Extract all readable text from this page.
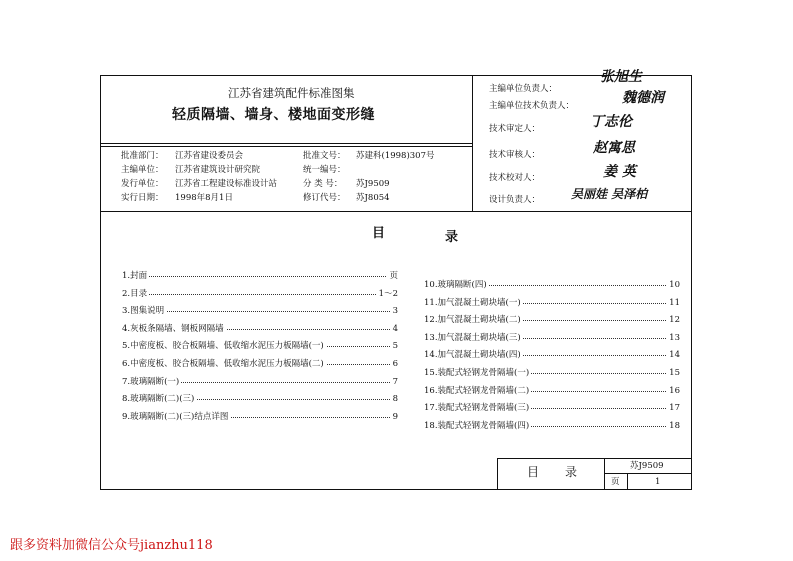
江苏省建筑配件标准图集
轻质隔墙、墙身、楼地面变形缝
批准部门： 江苏省建设委员会	批准文号： 苏建科(1998)307号
主编单位： 江苏省建筑设计研究院	统一编号：
发行单位： 江苏省工程建设标准设计站	分 类 号： 苏J9509
实行日期： 1998年8月1日	修订代号： 苏J8054
主编单位负责人：
张旭生
主编单位技术负责人：	魏德润
技术审定人：	丁志伦
技术审核人：	赵寓思
技术校对人：	姜 英
设计负责人：	吴丽娃 吴泽柏
目	录
1.封面	页
2.目录	1～2
3.图集说明	3
4.灰板条隔墙、钢板网隔墙	4
5.中密度板、胶合板隔墙、低收缩水泥压力板隔墙(一)	5
6.中密度板、胶合板隔墙、低收缩水泥压力板隔墙(二)	6
7.玻璃隔断(一)	7
8.玻璃隔断(二)(三)	8
9.玻璃隔断(二)(三)结点详图	9
10.玻璃隔断(四)	10
11.加气混凝土砌块墙(一)	11
12.加气混凝土砌块墙(二)	12
13.加气混凝土砌块墙(三)	13
14.加气混凝土砌块墙(四)	14
15.装配式轻钢龙骨隔墙(一)	15
16.装配式轻钢龙骨隔墙(二)	16
17.装配式轻钢龙骨隔墙(三)	17
18.装配式轻钢龙骨隔墙(四)	18
目 录	苏J9509
页	1
跟多资料加微信公众号jianzhu118
